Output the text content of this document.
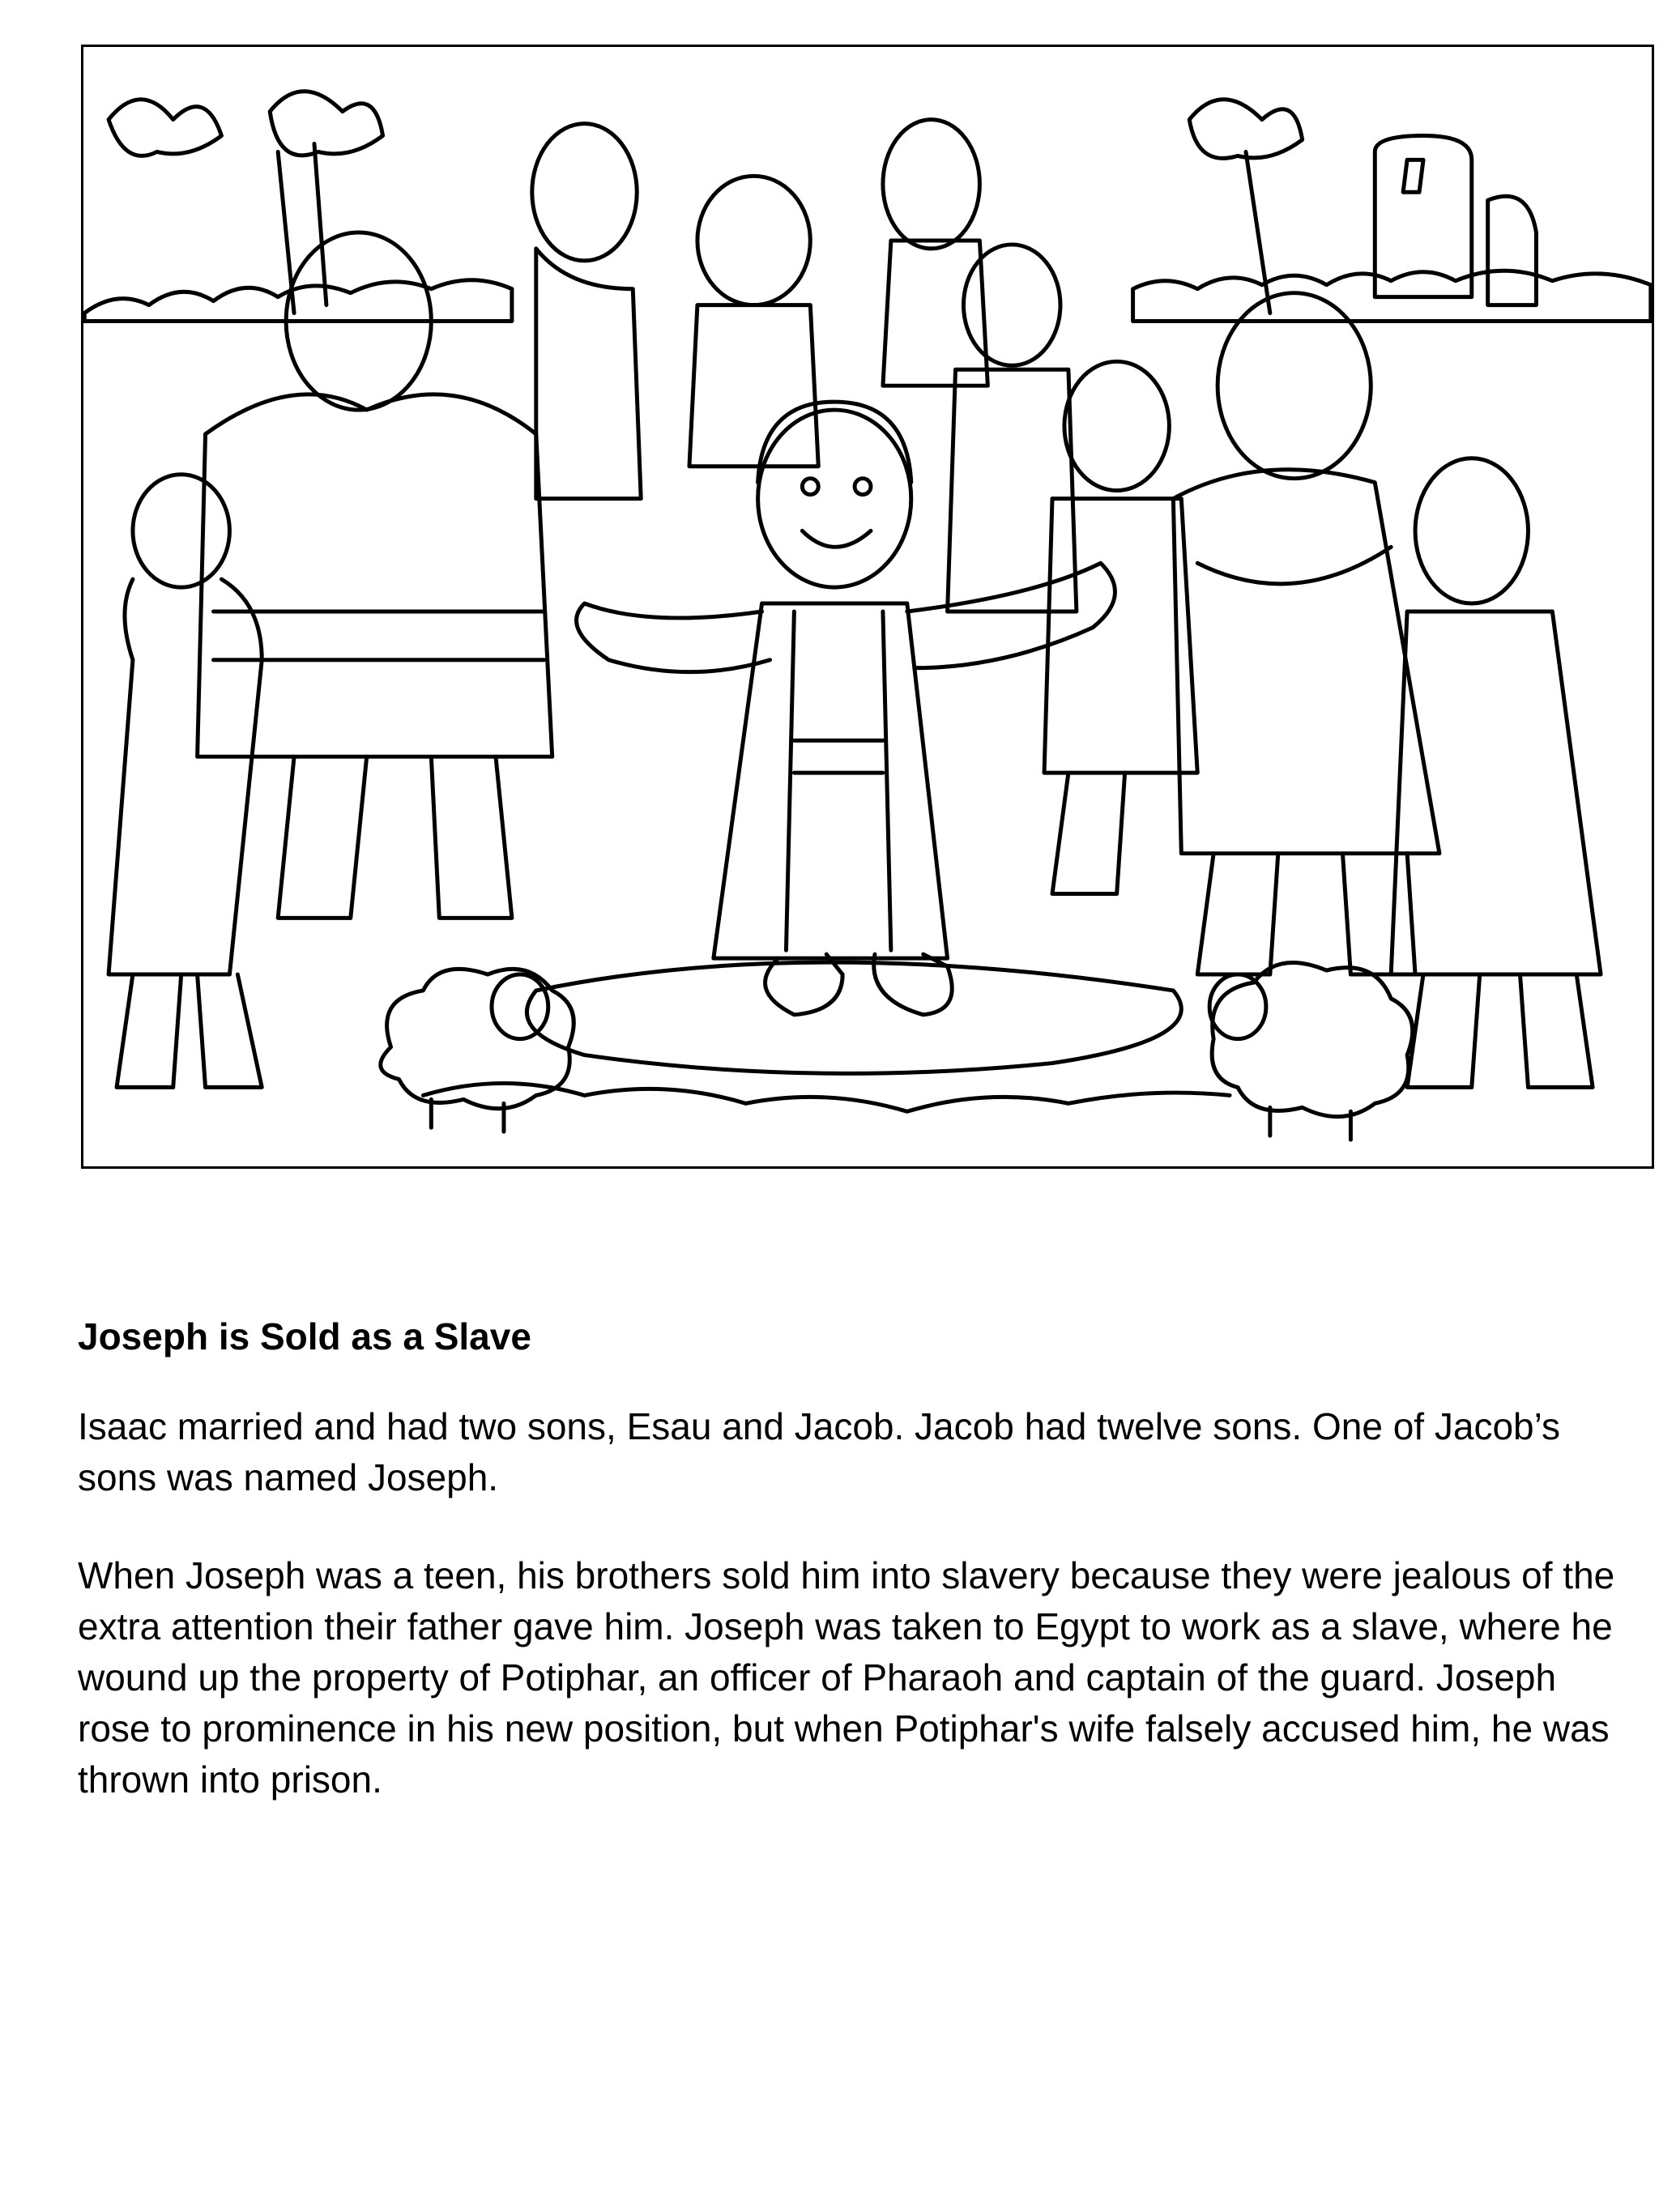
Joseph is Sold as a Slave

Isaac married and had two sons, Esau and Jacob. Jacob had twelve sons. One of Jacob’s sons was named Joseph.

When Joseph was a teen, his brothers sold him into slavery because they were jealous of the extra attention their father gave him. Joseph was taken to Egypt to work as a slave, where he wound up the property of Potiphar, an officer of Pharaoh and captain of the guard. Joseph rose to prominence in his new position, but when Potiphar's wife falsely accused him, he was thrown into prison.
